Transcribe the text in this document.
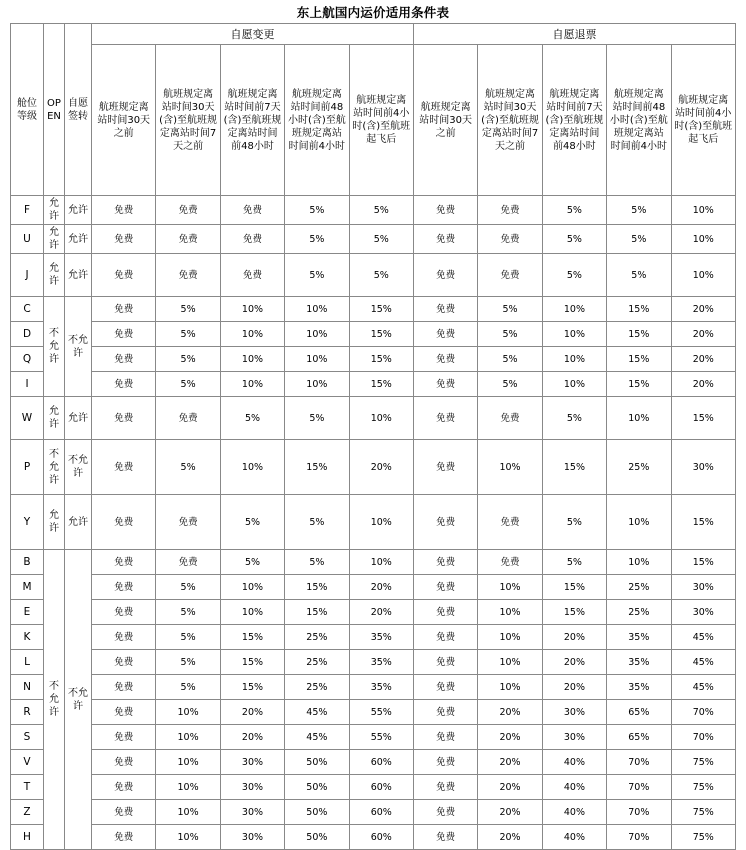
东上航国内运价适用条件表
舱位等级	OPEN	自愿签转	自愿变更					自愿退票				
			航班规定离站时间30天之前	航班规定离站时间30天(含)至航班规定离站时间7天之前	航班规定离站时间前7天(含)至航班规定离站时间前48小时	航班规定离站时间前48小时(含)至航班规定离站时间前4小时	航班规定离站时间前4小时(含)至航班起飞后	航班规定离站时间30天之前	航班规定离站时间30天(含)至航班规定离站时间7天之前	航班规定离站时间前7天(含)至航班规定离站时间前48小时	航班规定离站时间前48小时(含)至航班规定离站时间前4小时	航班规定离站时间前4小时(含)至航班起飞后
F	允许	允许	免费	免费	免费	5%	5%	免费	免费	5%	5%	10%
U	允许	允许	免费	免费	免费	5%	5%	免费	免费	5%	5%	10%
J	允许	允许	免费	免费	免费	5%	5%	免费	免费	5%	5%	10%
C	不允许	不允许	免费	5%	10%	10%	15%	免费	5%	10%	15%	20%
D			免费	5%	10%	10%	15%	免费	5%	10%	15%	20%
Q			免费	5%	10%	10%	15%	免费	5%	10%	15%	20%
I			免费	5%	10%	10%	15%	免费	5%	10%	15%	20%
W	允许	允许	免费	免费	5%	5%	10%	免费	免费	5%	10%	15%
P	不允许	不允许	免费	5%	10%	15%	20%	免费	10%	15%	25%	30%
Y	允许	允许	免费	免费	5%	5%	10%	免费	免费	5%	10%	15%
B	不允许	不允许	免费	免费	5%	5%	10%	免费	免费	5%	10%	15%
M			免费	5%	10%	15%	20%	免费	10%	15%	25%	30%
E			免费	5%	10%	15%	20%	免费	10%	15%	25%	30%
K			免费	5%	15%	25%	35%	免费	10%	20%	35%	45%
L			免费	5%	15%	25%	35%	免费	10%	20%	35%	45%
N			免费	5%	15%	25%	35%	免费	10%	20%	35%	45%
R			免费	10%	20%	45%	55%	免费	20%	30%	65%	70%
S			免费	10%	20%	45%	55%	免费	20%	30%	65%	70%
V			免费	10%	30%	50%	60%	免费	20%	40%	70%	75%
T			免费	10%	30%	50%	60%	免费	20%	40%	70%	75%
Z			免费	10%	30%	50%	60%	免费	20%	40%	70%	75%
H			免费	10%	30%	50%	60%	免费	20%	40%	70%	75%
